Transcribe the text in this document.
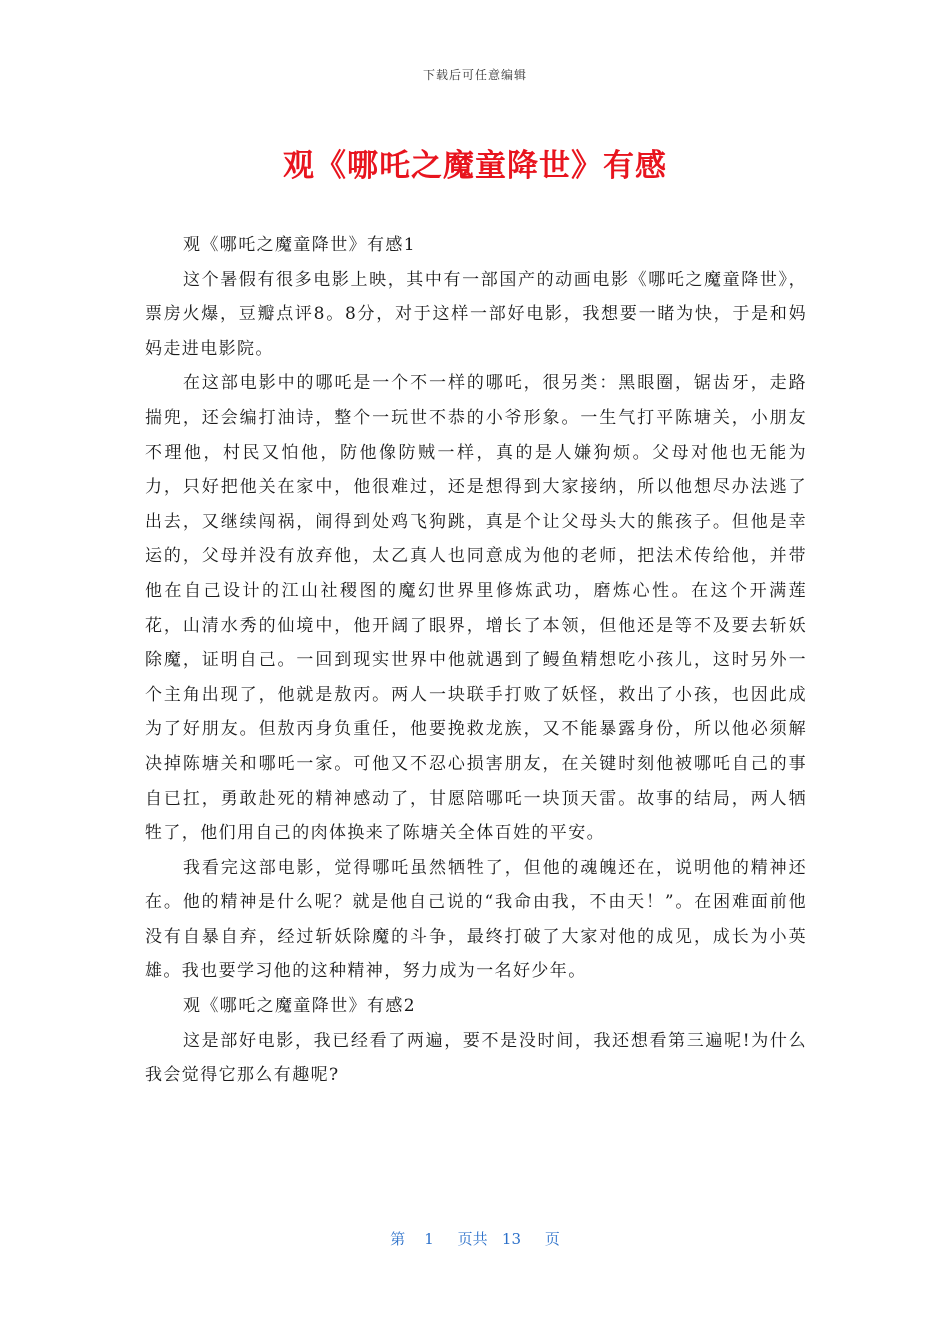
下载后可任意编辑
观《哪吒之魔童降世》有感

观《哪吒之魔童降世》有感1

这个暑假有很多电影上映，其中有一部国产的动画电影《哪吒之魔童降世》，票房火爆，豆瓣点评8。8分，对于这样一部好电影，我想要一睹为快，于是和妈妈走进电影院。

在这部电影中的哪吒是一个不一样的哪吒，很另类：黑眼圈，锯齿牙，走路揣兜，还会编打油诗，整个一玩世不恭的小爷形象。一生气打平陈塘关，小朋友不理他，村民又怕他，防他像防贼一样，真的是人嫌狗烦。父母对他也无能为力，只好把他关在家中，他很难过，还是想得到大家接纳，所以他想尽办法逃了出去，又继续闯祸，闹得到处鸡飞狗跳，真是个让父母头大的熊孩子。但他是幸运的，父母并没有放弃他，太乙真人也同意成为他的老师，把法术传给他，并带他在自己设计的江山社稷图的魔幻世界里修炼武功，磨炼心性。在这个开满莲花，山清水秀的仙境中，他开阔了眼界，增长了本领，但他还是等不及要去斩妖除魔，证明自己。一回到现实世界中他就遇到了鳗鱼精想吃小孩儿，这时另外一个主角出现了，他就是敖丙。两人一块联手打败了妖怪，救出了小孩，也因此成为了好朋友。但敖丙身负重任，他要挽救龙族，又不能暴露身份，所以他必须解决掉陈塘关和哪吒一家。可他又不忍心损害朋友，在关键时刻他被哪吒自己的事自已扛，勇敢赴死的精神感动了，甘愿陪哪吒一块顶天雷。故事的结局，两人牺牲了，他们用自己的肉体换来了陈塘关全体百姓的平安。

我看完这部电影，觉得哪吒虽然牺牲了，但他的魂魄还在，说明他的精神还在。他的精神是什么呢？就是他自己说的“我命由我，不由天！”。在困难面前他没有自暴自弃，经过斩妖除魔的斗争，最终打破了大家对他的成见，成长为小英雄。我也要学习他的这种精神，努力成为一名好少年。

观《哪吒之魔童降世》有感2

这是部好电影，我已经看了两遍，要不是没时间，我还想看第三遍呢!为什么我会觉得它那么有趣呢?

第    1     页共   13     页
